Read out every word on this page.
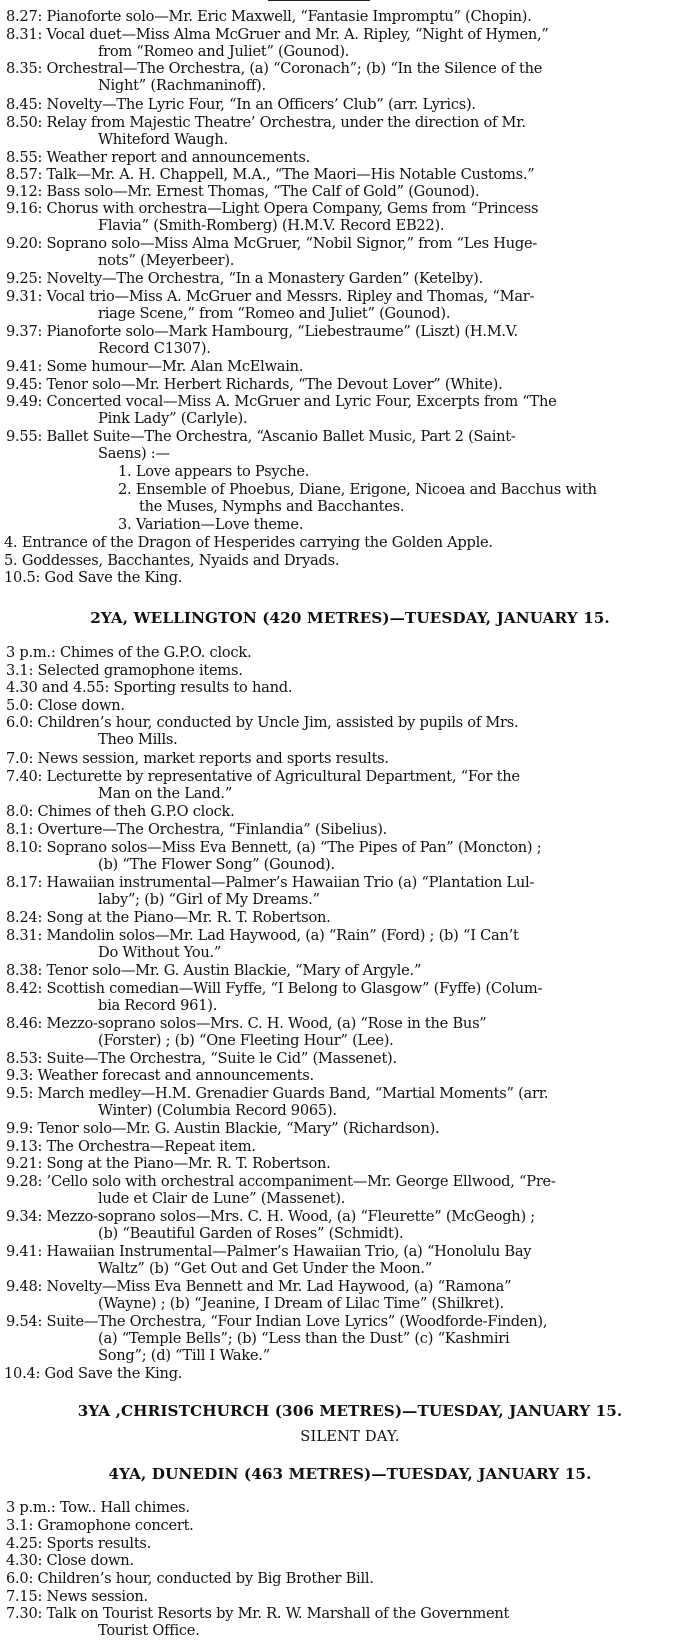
8.27: Pianoforte solo—Mr. Eric Maxwell, “Fantasie Impromptu” (Chopin).
8.31: Vocal duet—Miss Alma McGruer and Mr. A. Ripley, “Night of Hymen,”
from “Romeo and Juliet” (Gounod).
8.35: Orchestral—The Orchestra, (a) “Coronach”; (b) “In the Silence of the
Night” (Rachmaninoff).
8.45: Novelty—The Lyric Four, “In an Officers’ Club” (arr. Lyrics).
8.50: Relay from Majestic Theatre’ Orchestra, under the direction of Mr.
Whiteford Waugh.
8.55: Weather report and announcements.
8.57: Talk—Mr. A. H. Chappell, M.A., “The Maori—His Notable Customs.”
9.12: Bass solo—Mr. Ernest Thomas, “The Calf of Gold” (Gounod).
9.16: Chorus with orchestra—Light Opera Company, Gems from “Princess
Flavia” (Smith-Romberg) (H.M.V. Record EB22).
9.20: Soprano solo—Miss Alma McGruer, “Nobil Signor,” from “Les Huge-
nots” (Meyerbeer).
9.25: Novelty—The Orchestra, “In a Monastery Garden” (Ketelby).
9.31: Vocal trio—Miss A. McGruer and Messrs. Ripley and Thomas, “Mar-
riage Scene,” from “Romeo and Juliet” (Gounod).
9.37: Pianoforte solo—Mark Hambourg, “Liebestraume” (Liszt) (H.M.V.
Record C1307).
9.41: Some humour—Mr. Alan McElwain.
9.45: Tenor solo—Mr. Herbert Richards, “The Devout Lover” (White).
9.49: Concerted vocal—Miss A. McGruer and Lyric Four, Excerpts from “The
Pink Lady” (Carlyle).
9.55: Ballet Suite—The Orchestra, “Ascanio Ballet Music, Part 2 (Saint-
Saens) :—
1. Love appears to Psyche.
2. Ensemble of Phoebus, Diane, Erigone, Nicoea and Bacchus with
the Muses, Nymphs and Bacchantes.
3. Variation—Love theme.
4. Entrance of the Dragon of Hesperides carrying the Golden Apple.
5. Goddesses, Bacchantes, Nyaids and Dryads.
10.5: God Save the King.
2YA, WELLINGTON (420 METRES)—TUESDAY, JANUARY 15.
3 p.m.: Chimes of the G.P.O. clock.
3.1: Selected gramophone items.
4.30 and 4.55: Sporting results to hand.
5.0: Close down.
6.0: Children’s hour, conducted by Uncle Jim, assisted by pupils of Mrs.
Theo Mills.
7.0: News session, market reports and sports results.
7.40: Lecturette by representative of Agricultural Department, “For the
Man on the Land.”
8.0: Chimes of theh G.P.O clock.
8.1: Overture—The Orchestra, “Finlandia” (Sibelius).
8.10: Soprano solos—Miss Eva Bennett, (a) “The Pipes of Pan” (Moncton) ;
(b) “The Flower Song” (Gounod).
8.17: Hawaiian instrumental—Palmer’s Hawaiian Trio (a) “Plantation Lul-
laby”; (b) “Girl of My Dreams.”
8.24: Song at the Piano—Mr. R. T. Robertson.
8.31: Mandolin solos—Mr. Lad Haywood, (a) “Rain” (Ford) ; (b) “I Can’t
Do Without You.”
8.38: Tenor solo—Mr. G. Austin Blackie, “Mary of Argyle.”
8.42: Scottish comedian—Will Fyffe, “I Belong to Glasgow” (Fyffe) (Colum-
bia Record 961).
8.46: Mezzo-soprano solos—Mrs. C. H. Wood, (a) “Rose in the Bus”
(Forster) ; (b) “One Fleeting Hour” (Lee).
8.53: Suite—The Orchestra, “Suite le Cid” (Massenet).
9.3: Weather forecast and announcements.
9.5: March medley—H.M. Grenadier Guards Band, “Martial Moments” (arr.
Winter) (Columbia Record 9065).
9.9: Tenor solo—Mr. G. Austin Blackie, “Mary” (Richardson).
9.13: The Orchestra—Repeat item.
9.21: Song at the Piano—Mr. R. T. Robertson.
9.28: ’Cello solo with orchestral accompaniment—Mr. George Ellwood, “Pre-
lude et Clair de Lune” (Massenet).
9.34: Mezzo-soprano solos—Mrs. C. H. Wood, (a) “Fleurette” (McGeogh) ;
(b) “Beautiful Garden of Roses” (Schmidt).
9.41: Hawaiian Instrumental—Palmer’s Hawaiian Trio, (a) “Honolulu Bay
Waltz” (b) “Get Out and Get Under the Moon.”
9.48: Novelty—Miss Eva Bennett and Mr. Lad Haywood, (a) “Ramona”
(Wayne) ; (b) “Jeanine, I Dream of Lilac Time” (Shilkret).
9.54: Suite—The Orchestra, “Four Indian Love Lyrics” (Woodforde-Finden),
(a) “Temple Bells”; (b) “Less than the Dust” (c) “Kashmiri
Song”; (d) “Till I Wake.”
10.4: God Save the King.
3YA ,CHRISTCHURCH (306 METRES)—TUESDAY, JANUARY 15.
SILENT DAY.
4YA, DUNEDIN (463 METRES)—TUESDAY, JANUARY 15.
3 p.m.: Tow.. Hall chimes.
3.1: Gramophone concert.
4.25: Sports results.
4.30: Close down.
6.0: Children’s hour, conducted by Big Brother Bill.
7.15: News session.
7.30: Talk on Tourist Resorts by Mr. R. W. Marshall of the Government
Tourist Office.
